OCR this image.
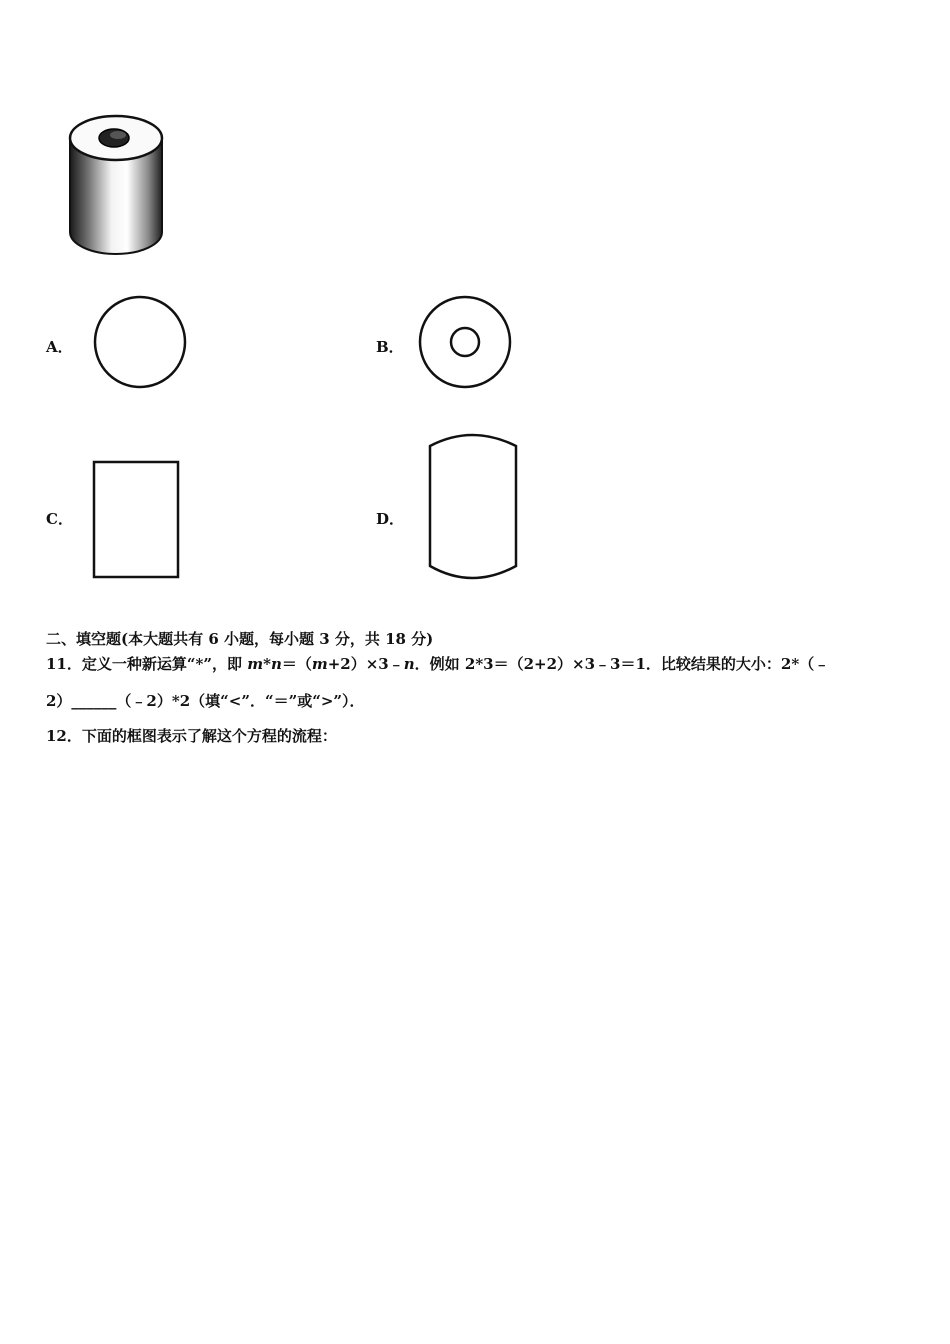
A．	B．
C．	D．
二、填空题(本大题共有 6 小题，每小题 3 分，共 18 分)
11．定义一种新运算“*”，即 m*n＝（m+2）×3﹣n．例如 2*3＝（2+2）×3﹣3＝1．比较结果的大小：2*（﹣
2）______（﹣2）*2（填“<”．“＝”或“>”）．
12．下面的框图表示了解这个方程的流程：
